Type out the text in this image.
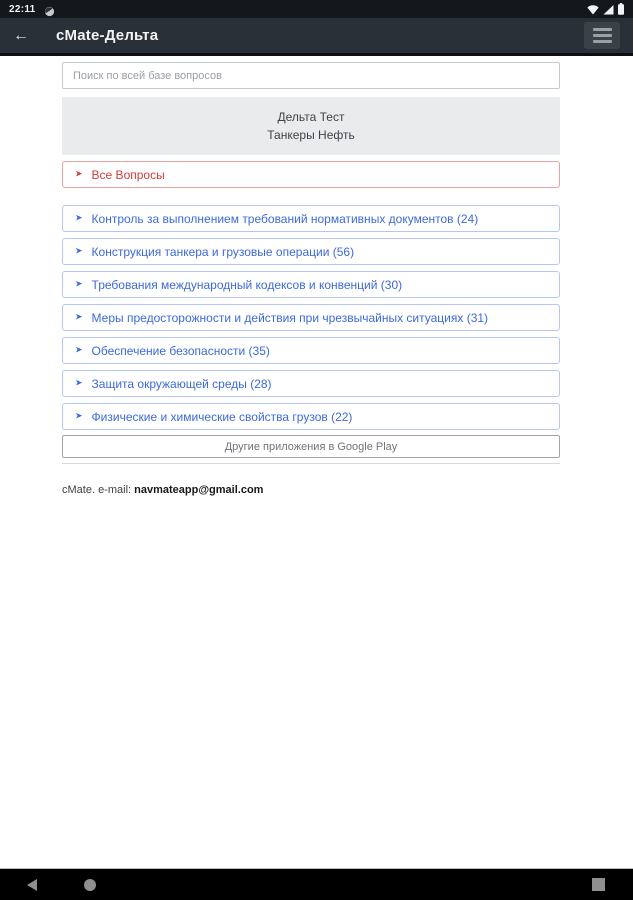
22:11
←
cMate-Дельта
Поиск по всей базе вопросов
Дельта Тест
Танкеры Нефть
➤
Все Вопросы
➤
Контроль за выполнением требований нормативных документов (24)
➤
Конструкция танкера и грузовые операции (56)
➤
Требования международный кодексов и конвенций (30)
➤
Меры предосторожности и действия при чрезвычайных ситуациях (31)
➤
Обеспечение безопасности (35)
➤
Защита окружающей среды (28)
➤
Физические и химические свойства грузов (22)
Другие приложения в Google Play
cMate. e-mail: navmateapp@gmail.com
